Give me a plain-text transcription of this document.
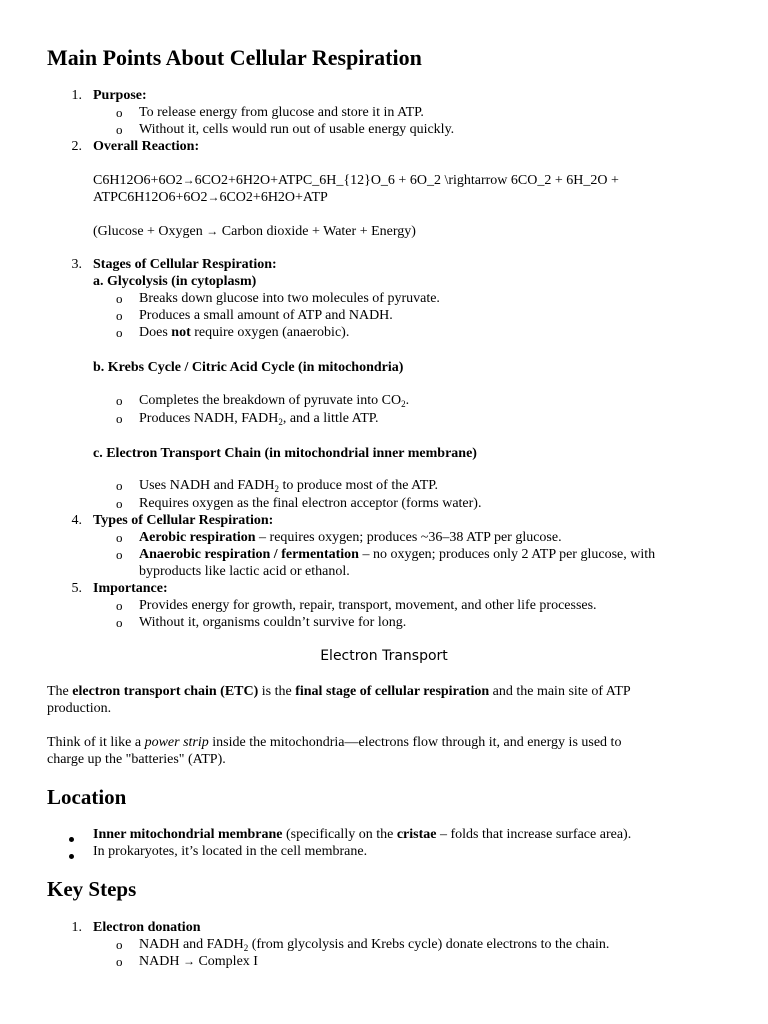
Main Points About Cellular Respiration
1. Purpose:
o To release energy from glucose and store it in ATP.
o Without it, cells would run out of usable energy quickly.
2. Overall Reaction:
C6H12O6+6O2→6CO2+6H2O+ATPC_6H_{12}O_6 + 6O_2 \rightarrow 6CO_2 + 6H_2O +
ATPC6H12O6+6O2→6CO2+6H2O+ATP
(Glucose + Oxygen → Carbon dioxide + Water + Energy)
3. Stages of Cellular Respiration:
a. Glycolysis (in cytoplasm)
o Breaks down glucose into two molecules of pyruvate.
o Produces a small amount of ATP and NADH.
o Does not require oxygen (anaerobic).
b. Krebs Cycle / Citric Acid Cycle (in mitochondria)
o Completes the breakdown of pyruvate into $CO_2$.
o Produces NADH, $FADH_2$, and a little ATP.
c. Electron Transport Chain (in mitochondrial inner membrane)
o Uses NADH and $FADH_2$ to produce most of the ATP.
o Requires oxygen as the final electron acceptor (forms water).
4. Types of Cellular Respiration:
o Aerobic respiration – requires oxygen; produces ~36–38 ATP per glucose.
o Anaerobic respiration / fermentation – no oxygen; produces only 2 ATP per glucose, with
byproducts like lactic acid or ethanol.
5. Importance:
o Provides energy for growth, repair, transport, movement, and other life processes.
o Without it, organisms couldn’t survive for long.
Electron Transport
The electron transport chain (ETC) is the final stage of cellular respiration and the main site of ATP
production.
Think of it like a power strip inside the mitochondria—electrons flow through it, and energy is used to
charge up the "batteries" (ATP).
Location
Inner mitochondrial membrane (specifically on the cristae – folds that increase surface area).
In prokaryotes, it’s located in the cell membrane.
Key Steps
1. Electron donation
o NADH and $FADH_2$ (from glycolysis and Krebs cycle) donate electrons to the chain.
o NADH → Complex I
